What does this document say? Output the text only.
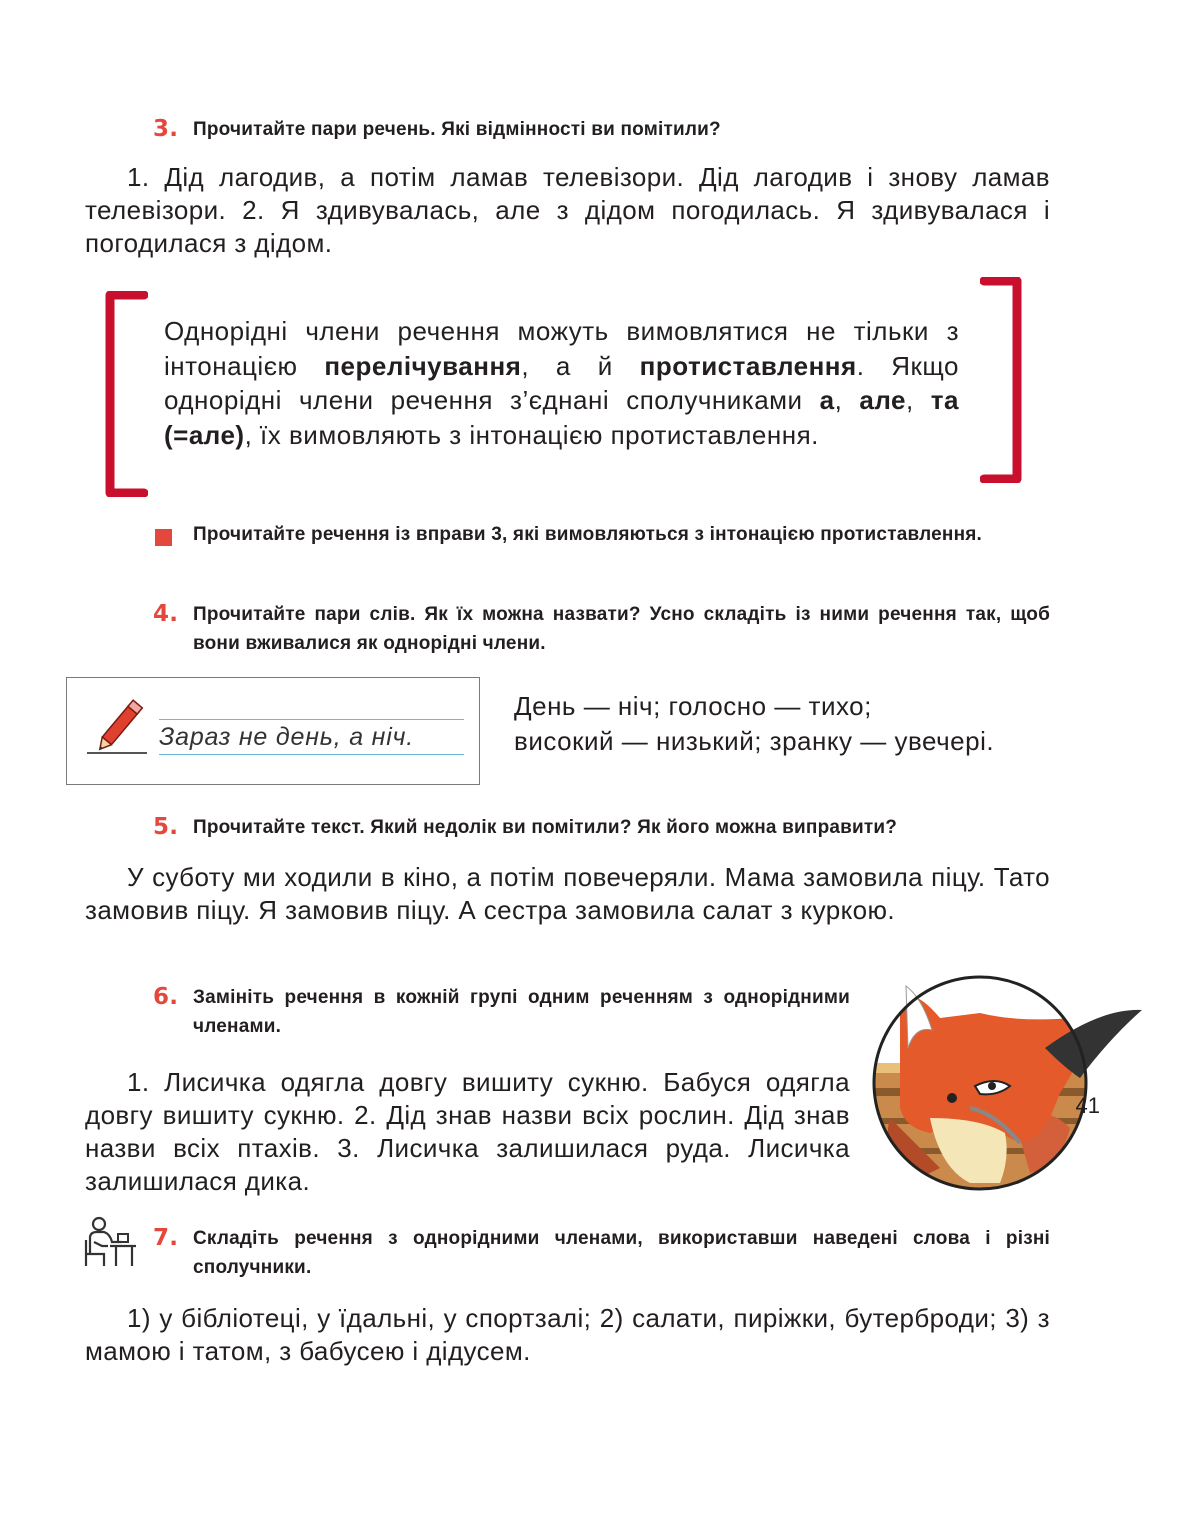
3. Прочитайте пари речень. Які відмінності ви помітили?
1. Дід лагодив, а потім ламав телевізори. Дід лагодив і знову ламав телевізори. 2. Я здивувалась, але з дідом погодилась. Я здивувалася і погодилася з дідом.
Однорідні члени речення можуть вимовлятися не тільки з інтонацією перелічування, а й протиставлення. Якщо однорідні члени речення з’єднані сполучниками а, але, та (=але), їх вимовляють з інтонацією протиставлення.
Прочитайте речення із вправи 3, які вимовляються з інтонацією протиставлення.
4. Прочитайте пари слів. Як їх можна назвати? Усно складіть із ними речення так, щоб вони вживалися як однорідні члени.
Зараз не день, а ніч.
День — ніч; голосно — тихо;
високий — низький; зранку — увечері.
5. Прочитайте текст. Який недолік ви помітили? Як його можна виправити?
У суботу ми ходили в кіно, а потім повечеряли. Мама замовила піцу. Тато замовив піцу. Я замовив піцу. А сестра замовила салат з куркою.
6. Замініть речення в кожній групі одним реченням з однорідними членами.
1. Лисичка одягла довгу вишиту сукню. Бабуся одягла довгу вишиту сукню. 2. Дід знав назви всіх рослин. Дід знав назви всіх птахів. 3. Лисичка залишилася руда. Лисичка залишилася дика.
7. Складіть речення з однорідними членами, використавши наведені слова і різні сполучники.
1) у бібліотеці, у їдальні, у спортзалі; 2) салати, пиріжки, бутерброди; 3) з мамою і татом, з бабусею і дідусем.
41
